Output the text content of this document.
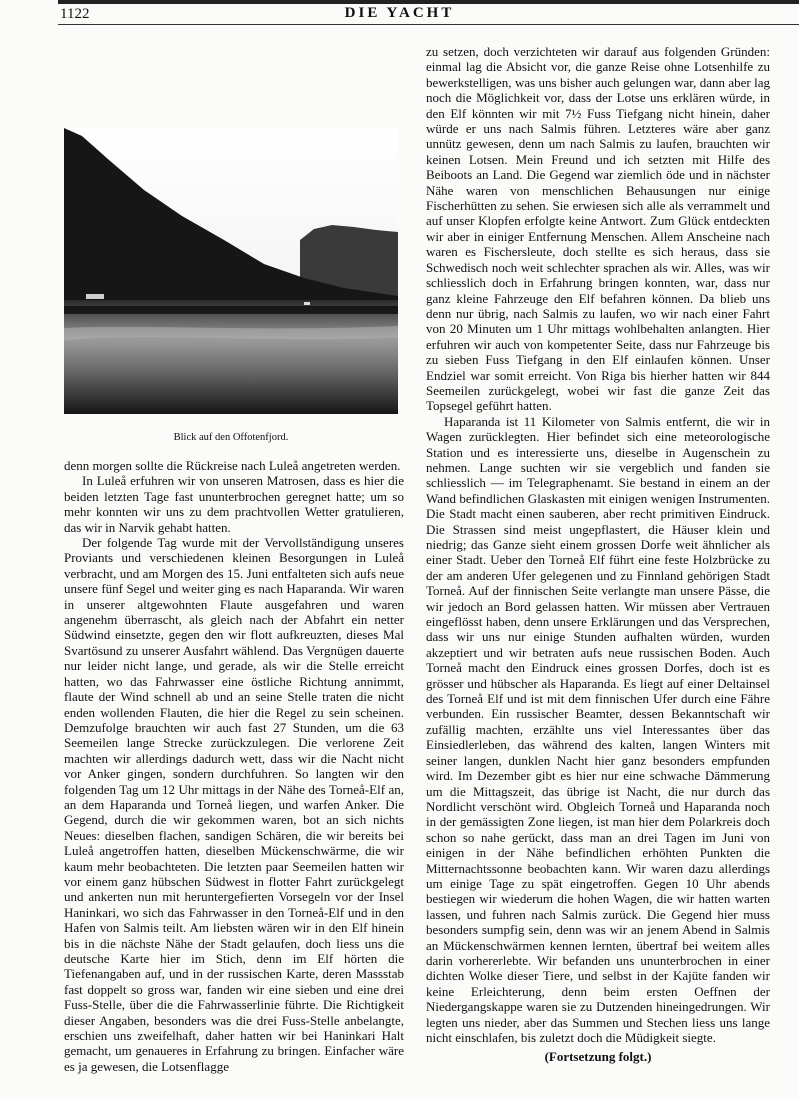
1122	DIE YACHT
Blick auf den Offotenfjord.

denn morgen sollte die Rückreise nach Luleå angetreten werden.

In Luleå erfuhren wir von unseren Matrosen, dass es hier die beiden letzten Tage fast ununterbrochen geregnet hatte; um so mehr konnten wir uns zu dem prachtvollen Wetter gratulieren, das wir in Narvik gehabt hatten.

Der folgende Tag wurde mit der Vervollständigung unseres Proviants und verschiedenen kleinen Besorgungen in Luleå verbracht, und am Morgen des 15. Juni entfalteten sich aufs neue unsere fünf Segel und weiter ging es nach Haparanda. Wir waren in unserer altgewohnten Flaute ausgefahren und waren angenehm überrascht, als gleich nach der Abfahrt ein netter Südwind einsetzte, gegen den wir flott aufkreuzten, dieses Mal Svartösund zu unserer Ausfahrt wählend. Das Vergnügen dauerte nur leider nicht lange, und gerade, als wir die Stelle erreicht hatten, wo das Fahrwasser eine östliche Richtung annimmt, flaute der Wind schnell ab und an seine Stelle traten die nicht enden wollenden Flauten, die hier die Regel zu sein scheinen. Demzufolge brauchten wir auch fast 27 Stunden, um die 63 Seemeilen lange Strecke zurückzulegen. Die verlorene Zeit machten wir allerdings dadurch wett, dass wir die Nacht nicht vor Anker gingen, sondern durchfuhren. So langten wir den folgenden Tag um 12 Uhr mittags in der Nähe des Torneå-Elf an, an dem Haparanda und Torneå liegen, und warfen Anker. Die Gegend, durch die wir gekommen waren, bot an sich nichts Neues: dieselben flachen, sandigen Schären, die wir bereits bei Luleå angetroffen hatten, dieselben Mückenschwärme, die wir kaum mehr beobachteten. Die letzten paar Seemeilen hatten wir vor einem ganz hübschen Südwest in flotter Fahrt zurückgelegt und ankerten nun mit heruntergefierten Vorsegeln vor der Insel Haninkari, wo sich das Fahrwasser in den Torneå-Elf und in den Hafen von Salmis teilt. Am liebsten wären wir in den Elf hinein bis in die nächste Nähe der Stadt gelaufen, doch liess uns die deutsche Karte hier im Stich, denn im Elf hörten die Tiefenangaben auf, und in der russischen Karte, deren Massstab fast doppelt so gross war, fanden wir eine sieben und eine drei Fuss-Stelle, über die die Fahrwasserlinie führte. Die Richtigkeit dieser Angaben, besonders was die drei Fuss-Stelle anbelangte, erschien uns zweifelhaft, daher hatten wir bei Haninkari Halt gemacht, um genaueres in Erfahrung zu bringen. Einfacher wäre es ja gewesen, die Lotsenflagge

zu setzen, doch verzichteten wir darauf aus folgenden Gründen: einmal lag die Absicht vor, die ganze Reise ohne Lotsenhilfe zu bewerkstelligen, was uns bisher auch gelungen war, dann aber lag noch die Möglichkeit vor, dass der Lotse uns erklären würde, in den Elf könnten wir mit 7½ Fuss Tiefgang nicht hinein, daher würde er uns nach Salmis führen. Letzteres wäre aber ganz unnütz gewesen, denn um nach Salmis zu laufen, brauchten wir keinen Lotsen. Mein Freund und ich setzten mit Hilfe des Beiboots an Land. Die Gegend war ziemlich öde und in nächster Nähe waren von menschlichen Behausungen nur einige Fischerhütten zu sehen. Sie erwiesen sich alle als verrammelt und auf unser Klopfen erfolgte keine Antwort. Zum Glück entdeckten wir aber in einiger Entfernung Menschen. Allem Anscheine nach waren es Fischersleute, doch stellte es sich heraus, dass sie Schwedisch noch weit schlechter sprachen als wir. Alles, was wir schliesslich doch in Erfahrung bringen konnten, war, dass nur ganz kleine Fahrzeuge den Elf befahren können. Da blieb uns denn nur übrig, nach Salmis zu laufen, wo wir nach einer Fahrt von 20 Minuten um 1 Uhr mittags wohlbehalten anlangten. Hier erfuhren wir auch von kompetenter Seite, dass nur Fahrzeuge bis zu sieben Fuss Tiefgang in den Elf einlaufen können. Unser Endziel war somit erreicht. Von Riga bis hierher hatten wir 844 Seemeilen zurückgelegt, wobei wir fast die ganze Zeit das Topsegel geführt hatten.

Haparanda ist 11 Kilometer von Salmis entfernt, die wir in Wagen zurücklegten. Hier befindet sich eine meteorologische Station und es interessierte uns, dieselbe in Augenschein zu nehmen. Lange suchten wir sie vergeblich und fanden sie schliesslich — im Telegraphenamt. Sie bestand in einem an der Wand befindlichen Glaskasten mit einigen wenigen Instrumenten. Die Stadt macht einen sauberen, aber recht primitiven Eindruck. Die Strassen sind meist ungepflastert, die Häuser klein und niedrig; das Ganze sieht einem grossen Dorfe weit ähnlicher als einer Stadt. Ueber den Torneå Elf führt eine feste Holzbrücke zu der am anderen Ufer gelegenen und zu Finnland gehörigen Stadt Torneå. Auf der finnischen Seite verlangte man unsere Pässe, die wir jedoch an Bord gelassen hatten. Wir müssen aber Vertrauen eingeflösst haben, denn unsere Erklärungen und das Versprechen, dass wir uns nur einige Stunden aufhalten würden, wurden akzeptiert und wir betraten aufs neue russischen Boden. Auch Torneå macht den Eindruck eines grossen Dorfes, doch ist es grösser und hübscher als Haparanda. Es liegt auf einer Deltainsel des Torneå Elf und ist mit dem finnischen Ufer durch eine Fähre verbunden. Ein russischer Beamter, dessen Bekanntschaft wir zufällig machten, erzählte uns viel Interessantes über das Einsiedlerleben, das während des kalten, langen Winters mit seiner langen, dunklen Nacht hier ganz besonders empfunden wird. Im Dezember gibt es hier nur eine schwache Dämmerung um die Mittagszeit, das übrige ist Nacht, die nur durch das Nordlicht verschönt wird. Obgleich Torneå und Haparanda noch in der gemässigten Zone liegen, ist man hier dem Polarkreis doch schon so nahe gerückt, dass man an drei Tagen im Juni von einigen in der Nähe befindlichen erhöhten Punkten die Mitternachtssonne beobachten kann. Wir waren dazu allerdings um einige Tage zu spät eingetroffen. Gegen 10 Uhr abends bestiegen wir wiederum die hohen Wagen, die wir hatten warten lassen, und fuhren nach Salmis zurück. Die Gegend hier muss besonders sumpfig sein, denn was wir an jenem Abend in Salmis an Mückenschwärmen kennen lernten, übertraf bei weitem alles darin vorhererlebte. Wir befanden uns ununterbrochen in einer dichten Wolke dieser Tiere, und selbst in der Kajüte fanden wir keine Erleichterung, denn beim ersten Oeffnen der Niedergangskappe waren sie zu Dutzenden hineingedrungen. Wir legten uns nieder, aber das Summen und Stechen liess uns lange nicht einschlafen, bis zuletzt doch die Müdigkeit siegte.

(Fortsetzung folgt.)
